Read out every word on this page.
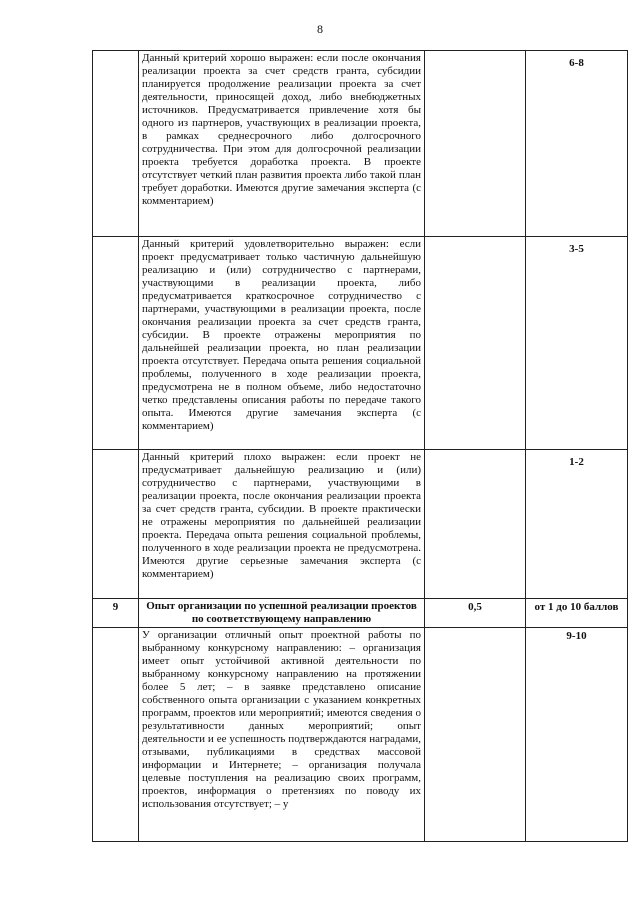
8

	Данный критерий хорошо выражен: если после окончания реализации проекта за счет средств гранта, субсидии планируется продолжение реализации проекта за счет деятельности, приносящей доход, либо внебюджетных источников. Предусматривается привлечение хотя бы одного из партнеров, участвующих в реализации проекта, в рамках среднесрочного либо долгосрочного сотрудничества. При этом для долгосрочной реализации проекта требуется доработка проекта. В проекте отсутствует четкий план развития проекта либо такой план требует доработки. Имеются другие замечания эксперта (с комментарием)		6-8

	Данный критерий удовлетворительно выражен: если проект предусматривает только частичную дальнейшую реализацию и (или) сотрудничество с партнерами, участвующими в реализации проекта, либо предусматривается краткосрочное сотрудничество с партнерами, участвующими в реализации проекта, после окончания реализации проекта за счет средств гранта, субсидии. В проекте отражены мероприятия по дальнейшей реализации проекта, но план реализации проекта отсутствует. Передача опыта решения социальной проблемы, полученного в ходе реализации проекта, предусмотрена не в полном объеме, либо недостаточно четко представлены описания работы по передаче такого опыта. Имеются другие замечания эксперта (с комментарием)		3-5

	Данный критерий плохо выражен: если проект не предусматривает дальнейшую реализацию и (или) сотрудничество с партнерами, участвующими в реализации проекта, после окончания реализации проекта за счет средств гранта, субсидии. В проекте практически не отражены мероприятия по дальнейшей реализации проекта. Передача опыта решения социальной проблемы, полученного в ходе реализации проекта не предусмотрена. Имеются другие серьезные замечания эксперта (с комментарием)		1-2

9	Опыт организации по успешной реализации проектов по соответствующему направлению	0,5	от 1 до 10 баллов

	У организации отличный опыт проектной работы по выбранному конкурсному направлению: – организация имеет опыт устойчивой активной деятельности по выбранному конкурсному направлению на протяжении более 5 лет; – в заявке представлено описание собственного опыта организации с указанием конкретных программ, проектов или мероприятий; имеются сведения о результативности данных мероприятий; опыт деятельности и ее успешность подтверждаются наградами, отзывами, публикациями в средствах массовой информации и Интернете; – организация получала целевые поступления на реализацию своих программ, проектов, информация о претензиях по поводу их использования отсутствует; – у		9-10
